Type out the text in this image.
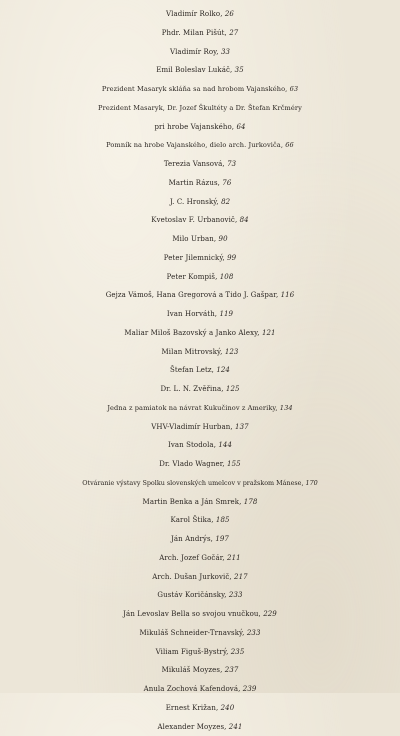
Vladimír Rolko, 26
Phdr. Milan Pišút, 27
Vladimír Roy, 33
Emil Boleslav Lukáč, 35
Prezident Masaryk skláňa sa nad hrobom Vajanského, 63
Prezident Masaryk, Dr. Jozef Škultéty a Dr. Štefan Krčméry
pri hrobe Vajanského, 64
Pomník na hrobe Vajanského, dielo arch. Jurkoviča, 66
Terezia Vansová, 73
Martin Rázus, 76
J. C. Hronský, 82
Kvetoslav F. Urbanovič, 84
Milo Urban, 90
Peter Jilemnický, 99
Peter Kompiš, 108
Gejza Vámoš, Hana Gregorová a Tido J. Gašpar, 116
Ivan Horváth, 119
Maliar Miloš Bazovský a Janko Alexy, 121
Milan Mitrovský, 123
Štefan Letz, 124
Dr. L. N. Zvěřina, 125
Jedna z pamiatok na návrat Kukučinov z Ameriky, 134
VHV-Vladimír Hurban, 137
Ivan Stodola, 144
Dr. Vlado Wagner, 155
Otváranie výstavy Spolku slovenských umelcov v pražskom Mánese, 170
Martin Benka a Ján Smrek, 178
Karol Štika, 185
Ján Andrýs, 197
Arch. Jozef Gočár, 211
Arch. Dušan Jurkovič, 217
Gustáv Koričánsky, 233
Ján Levoslav Bella so svojou vnučkou, 229
Mikuláš Schneider-Trnavský, 233
Viliam Figuš-Bystrý, 235
Mikuláš Moyzes, 237
Anula Zochová Kafendová, 239
Ernest Križan, 240
Alexander Moyzes, 241
